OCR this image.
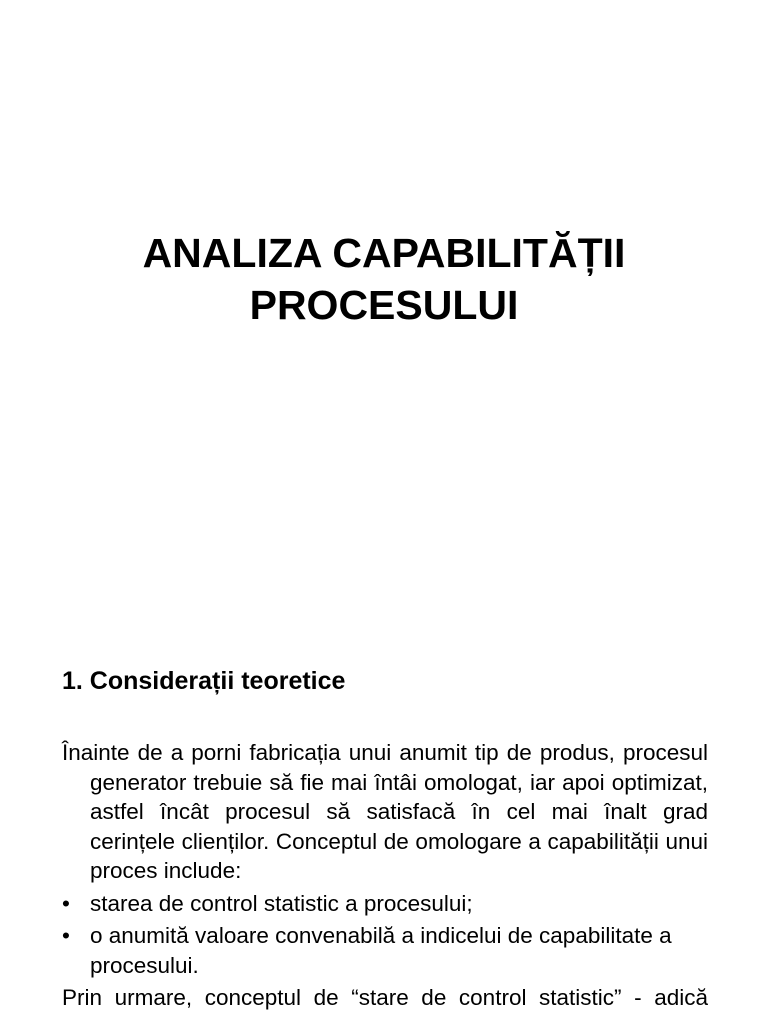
ANALIZA CAPABILITĂȚII
PROCESULUI
1. Considerații teoretice

Înainte de a porni fabricația unui anumit tip de produs, procesul generator trebuie să fie mai întâi omologat, iar apoi optimizat, astfel încât procesul să satisfacă în cel mai înalt grad cerințele clienților. Conceptul de omologare a capabilității unui proces include:

• starea de control statistic a procesului;
• o anumită valoare convenabilă a indicelui de capabilitate a procesului.

Prin urmare, conceptul de “stare de control statistic” - adică
